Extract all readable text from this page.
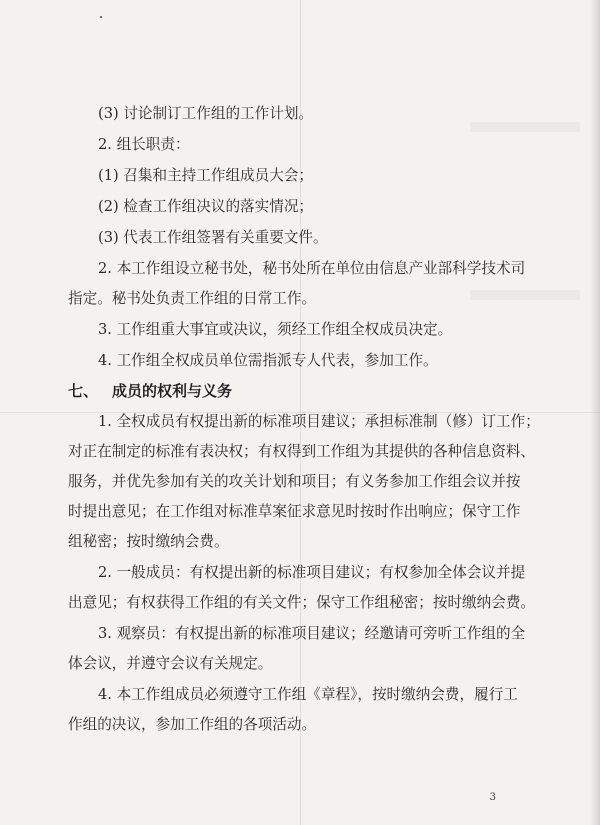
(3) 讨论制订工作组的工作计划。

2. 组长职责：

(1) 召集和主持工作组成员大会；

(2) 检查工作组决议的落实情况；

(3) 代表工作组签署有关重要文件。

2. 本工作组设立秘书处，秘书处所在单位由信息产业部科学技术司

指定。秘书处负责工作组的日常工作。

3. 工作组重大事宜或决议，须经工作组全权成员决定。

4. 工作组全权成员单位需指派专人代表，参加工作。

七、 成员的权利与义务

1. 全权成员有权提出新的标准项目建议；承担标准制（修）订工作；

对正在制定的标准有表决权；有权得到工作组为其提供的各种信息资料、

服务，并优先参加有关的攻关计划和项目；有义务参加工作组会议并按

时提出意见；在工作组对标准草案征求意见时按时作出响应；保守工作

组秘密；按时缴纳会费。

2. 一般成员：有权提出新的标准项目建议；有权参加全体会议并提

出意见；有权获得工作组的有关文件；保守工作组秘密；按时缴纳会费。

3. 观察员：有权提出新的标准项目建议；经邀请可旁听工作组的全

体会议，并遵守会议有关规定。

4. 本工作组成员必须遵守工作组《章程》，按时缴纳会费，履行工

作组的决议，参加工作组的各项活动。

3
